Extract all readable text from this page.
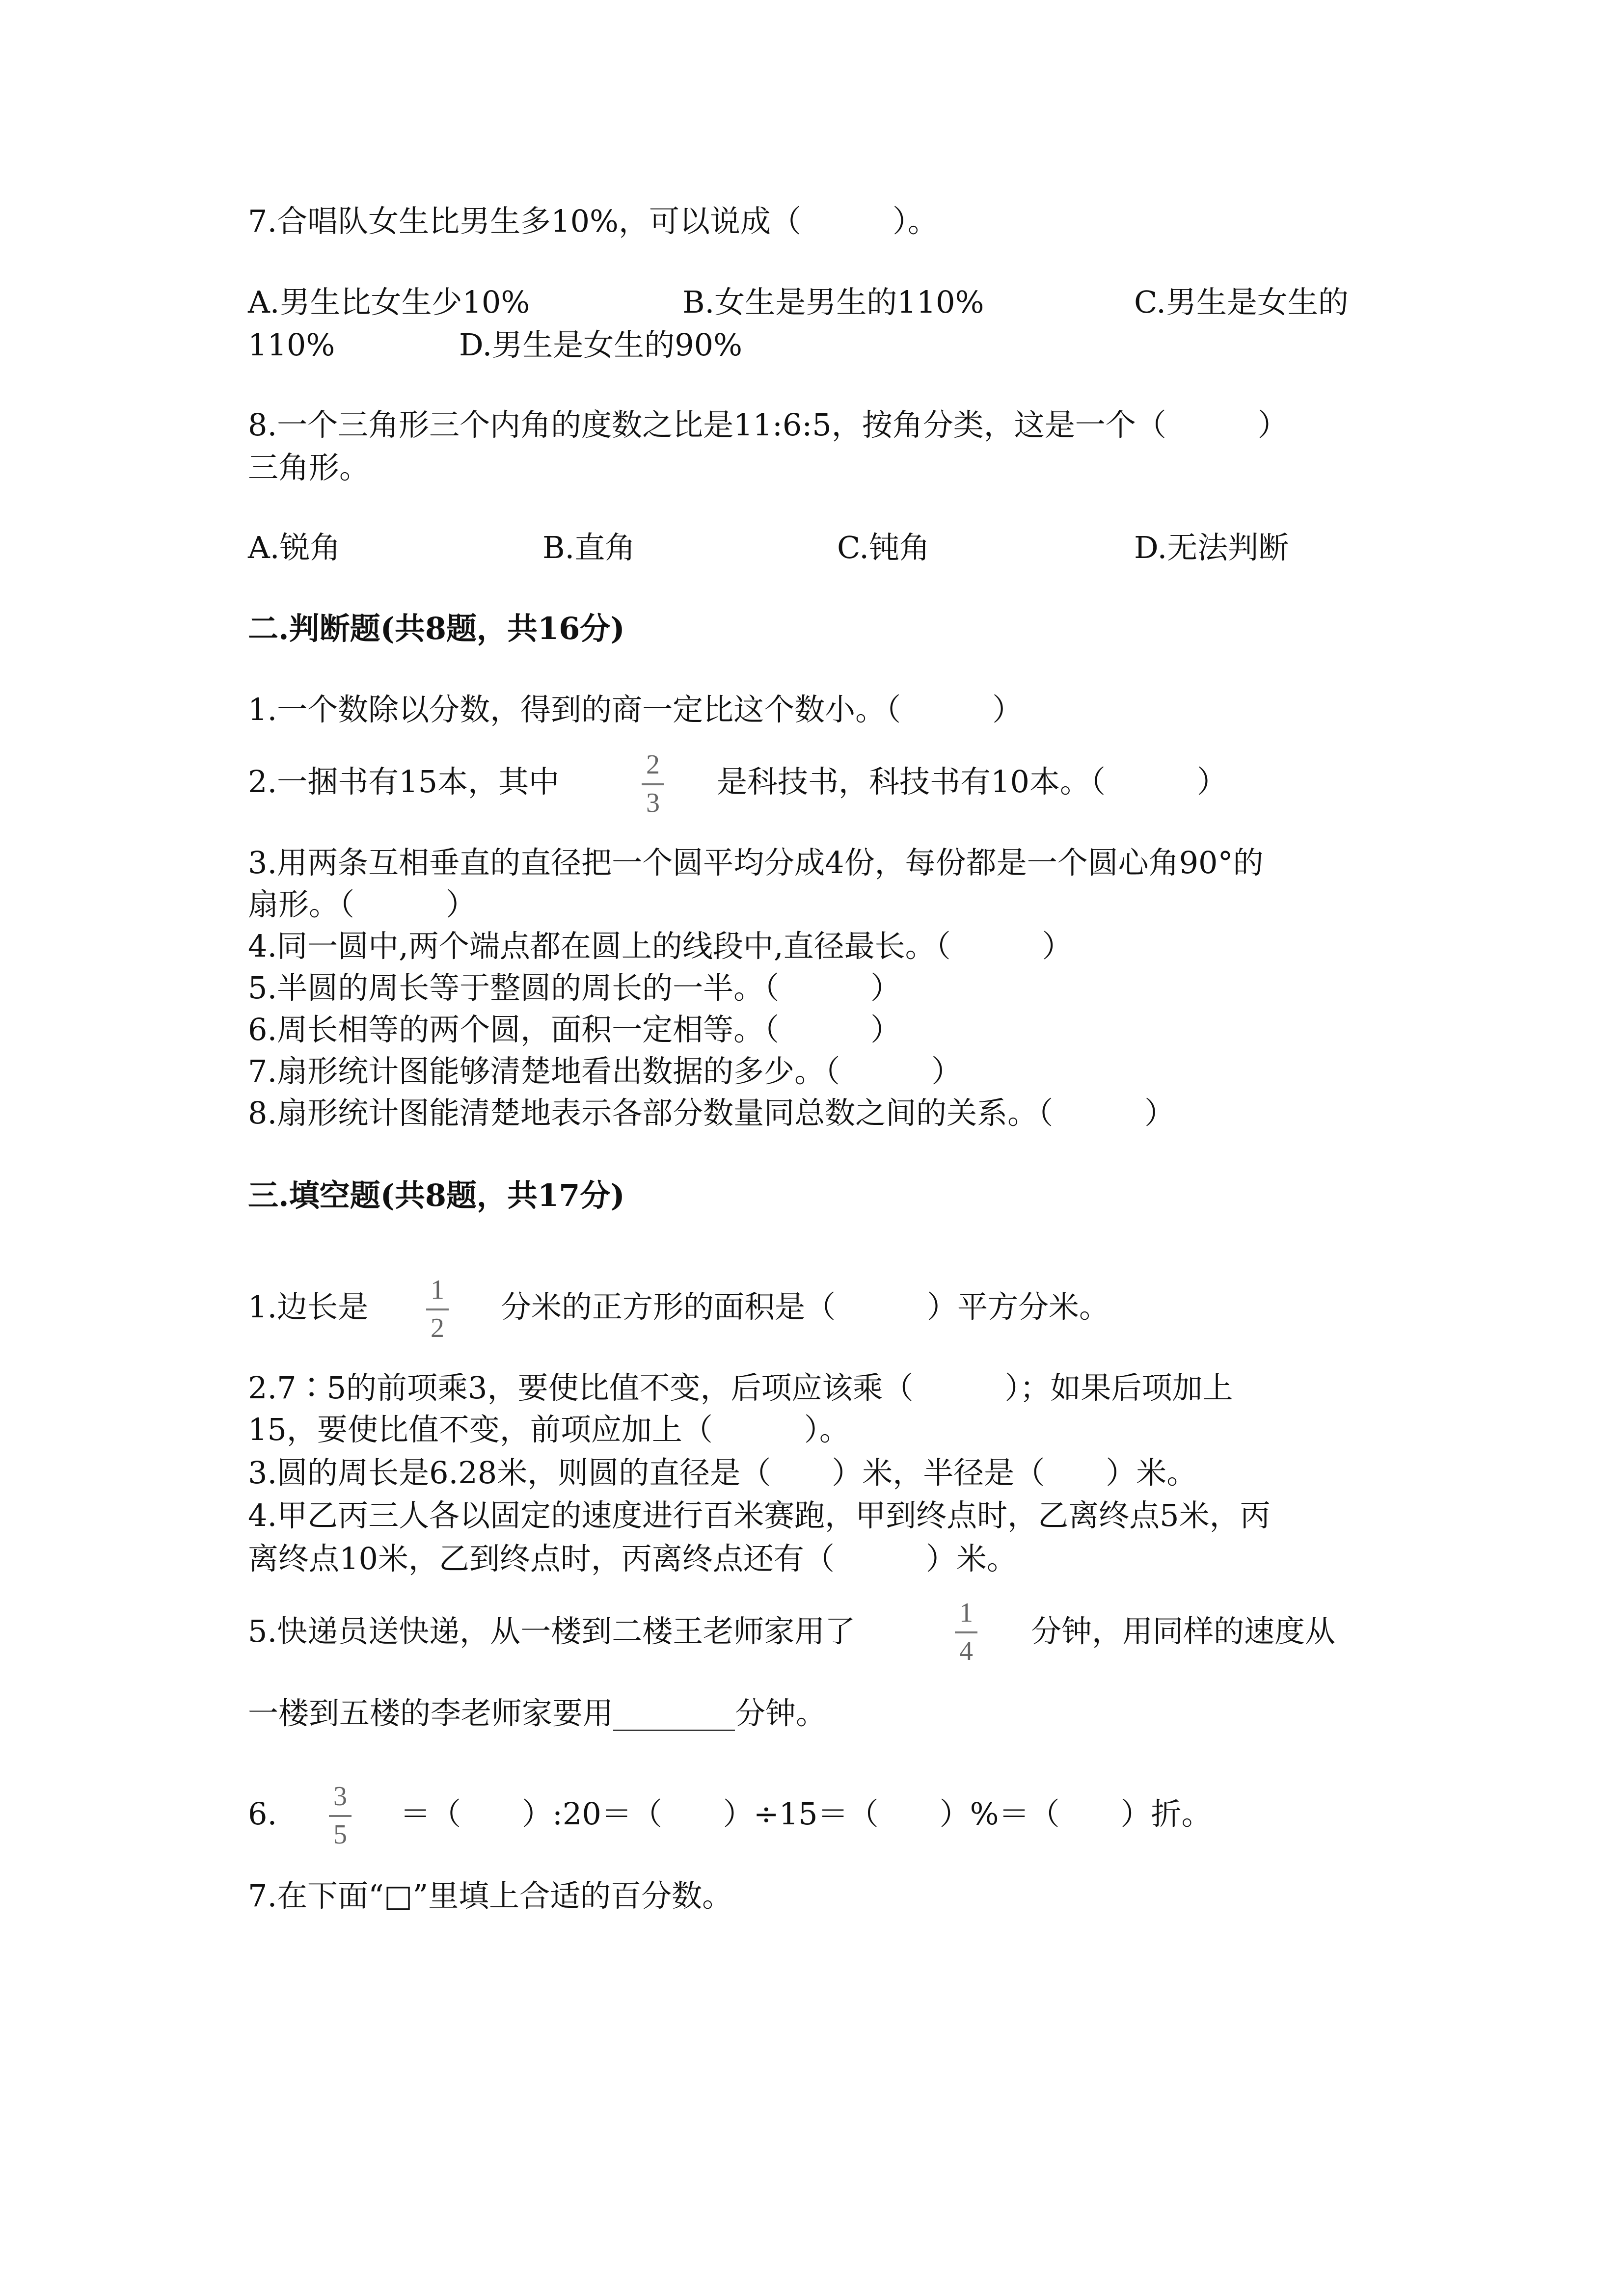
7.合唱队女生比男生多10%，可以说成（　　　）。
A.男生比女生少10%	B.女生是男生的110%	C.男生是女生的
110%	D.男生是女生的90%
8.一个三角形三个内角的度数之比是11:6:5，按角分类，这是一个（　　　）
三角形。
A.锐角	B.直角	C.钝角	D.无法判断
二.判断题(共8题，共16分)
1.一个数除以分数，得到的商一定比这个数小。（　　　）
2.一捆书有15本，其中	2
3
是科技书，科技书有10本。（　　　）
3.用两条互相垂直的直径把一个圆平均分成4份，每份都是一个圆心角90°的
扇形。（　　　）
4.同一圆中,两个端点都在圆上的线段中,直径最长。（　　　）
5.半圆的周长等于整圆的周长的一半。（　　　）
6.周长相等的两个圆，面积一定相等。（　　　）
7.扇形统计图能够清楚地看出数据的多少。（　　　）
8.扇形统计图能清楚地表示各部分数量同总数之间的关系。（　　　）
三.填空题(共8题，共17分)
1.边长是 1
2
分米的正方形的面积是（　　　）平方分米。
2.7∶5的前项乘3，要使比值不变，后项应该乘（　　　）；如果后项加上
15，要使比值不变，前项应加上（　　　）。
3.圆的周长是6.28米，则圆的直径是（　　）米，半径是（　　）米。
4.甲乙丙三人各以固定的速度进行百米赛跑，甲到终点时，乙离终点5米，丙
离终点10米，乙到终点时，丙离终点还有（　　　）米。
5.快递员送快递，从一楼到二楼王老师家用了
1
4
分钟，用同样的速度从
一楼到五楼的李老师家要用________分钟。
6. 3
5
＝（　　）:20＝（　　）÷15＝（　　）%＝（　　）折。
7.在下面“□”里填上合适的百分数。
